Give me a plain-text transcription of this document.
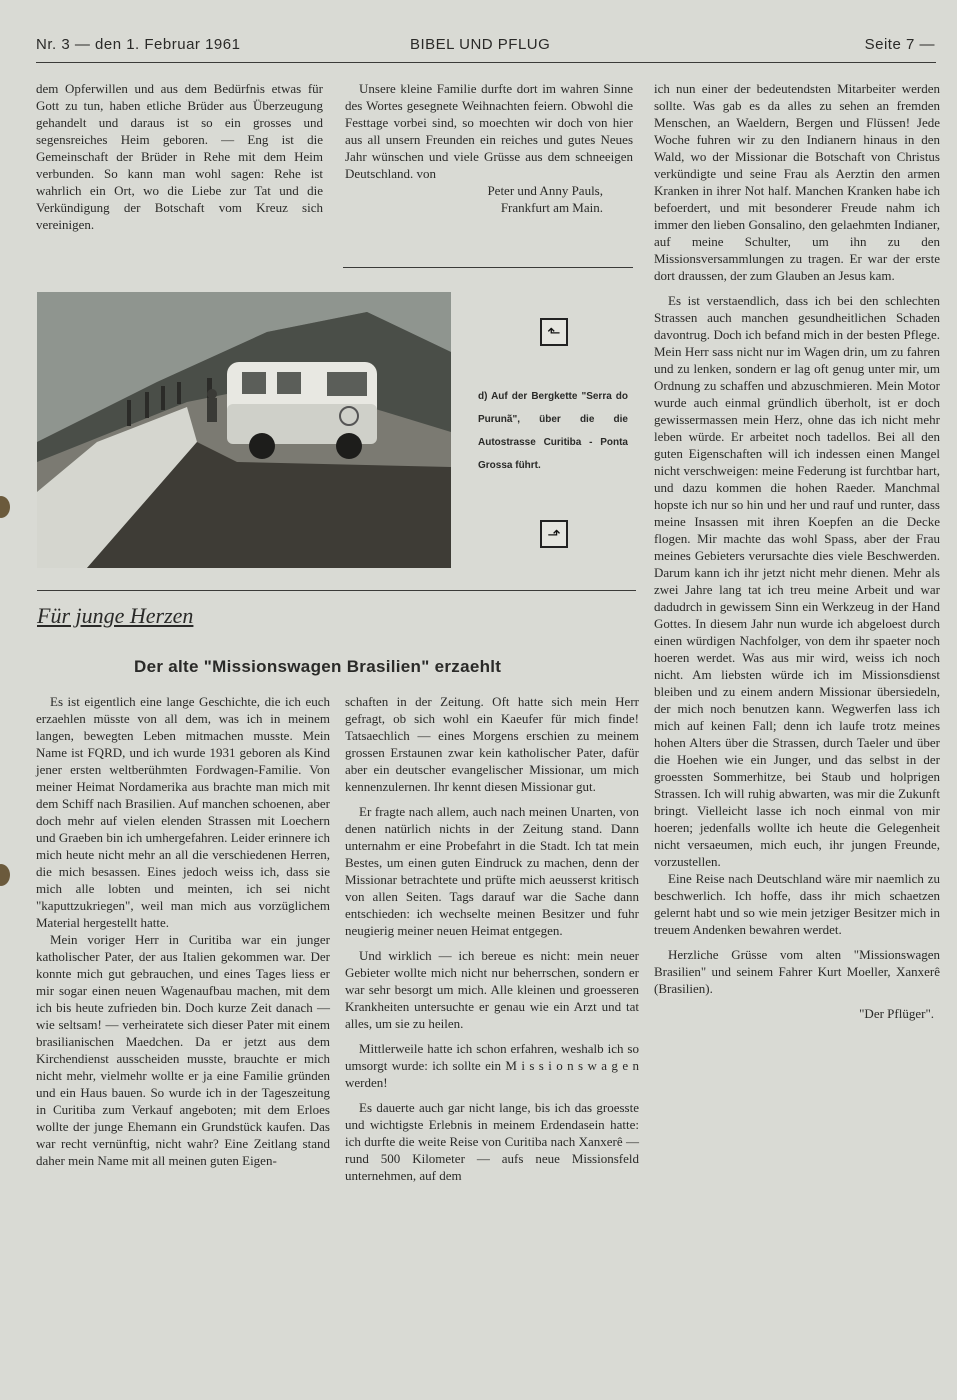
Nr. 3 — den 1. Februar 1961	BIBEL UND PFLUG	Seite 7 —

dem Opferwillen und aus dem Bedürfnis etwas für Gott zu tun, haben etliche Brüder aus Überzeugung gehandelt und daraus ist so ein grosses und segensreiches Heim geboren. — Eng ist die Gemeinschaft der Brüder in Rehe mit dem Heim verbunden. So kann man wohl sagen: Rehe ist wahrlich ein Ort, wo die Liebe zur Tat und die Verkündigung der Botschaft vom Kreuz sich vereinigen.

Unsere kleine Familie durfte dort im wahren Sinne des Wortes gesegnete Weihnachten feiern. Obwohl die Festtage vorbei sind, so moechten wir doch von hier aus all unsern Freunden ein reiches und gutes Neues Jahr wünschen und viele Grüsse aus dem schneeigen Deutschland. von

Peter und Anny Pauls,

Frankfurt am Main.

⬑
d) Auf der Bergkette "Serra do Purunã", über die die Autostrasse Curitiba - Ponta Grossa führt.
⬏
Für junge Herzen
Der alte "Missionswagen Brasilien" erzaehlt

Es ist eigentlich eine lange Geschichte, die ich euch erzaehlen müsste von all dem, was ich in meinem langen, bewegten Leben mitmachen musste. Mein Name ist FQRD, und ich wurde 1931 geboren als Kind jener ersten weltberühmten Fordwagen-Familie. Von meiner Heimat Nordamerika aus brachte man mich mit dem Schiff nach Brasilien. Auf manchen schoenen, aber doch mehr auf vielen elenden Strassen mit Loechern und Graeben bin ich umhergefahren. Leider erinnere ich mich heute nicht mehr an all die verschiedenen Herren, die mich besassen. Eines jedoch weiss ich, dass sie mich alle lobten und meinten, ich sei nicht "kaputtzukriegen", weil man mich aus vorzüglichem Material hergestellt hatte.

Mein voriger Herr in Curitiba war ein junger katholischer Pater, der aus Italien gekommen war. Der konnte mich gut gebrauchen, und eines Tages liess er mir sogar einen neuen Wagenaufbau machen, mit dem ich bis heute zufrieden bin. Doch kurze Zeit danach — wie seltsam! — verheiratete sich dieser Pater mit einem brasilianischen Maedchen. Da er jetzt aus dem Kirchendienst ausscheiden musste, brauchte er mich nicht mehr, vielmehr wollte er ja eine Familie gründen und ein Haus bauen. So wurde ich in der Tageszeitung in Curitiba zum Verkauf angeboten; mit dem Erloes wollte der junge Ehemann ein Grundstück kaufen. Das war recht vernünftig, nicht wahr? Eine Zeitlang stand daher mein Name mit all meinen guten Eigen-

schaften in der Zeitung. Oft hatte sich mein Herr gefragt, ob sich wohl ein Kaeufer für mich finde! Tatsaechlich — eines Morgens erschien zu meinem grossen Erstaunen zwar kein katholischer Pater, dafür aber ein deutscher evangelischer Missionar, um mich kennenzulernen. Ihr kennt diesen Missionar gut.

Er fragte nach allem, auch nach meinen Unarten, von denen natürlich nichts in der Zeitung stand. Dann unternahm er eine Probefahrt in die Stadt. Ich tat mein Bestes, um einen guten Eindruck zu machen, denn der Missionar betrachtete und prüfte mich aeusserst kritisch von allen Seiten. Tags darauf war die Sache dann entschieden: ich wechselte meinen Besitzer und fuhr neugierig meiner neuen Heimat entgegen.

Und wirklich — ich bereue es nicht: mein neuer Gebieter wollte mich nicht nur beherrschen, sondern er war sehr besorgt um mich. Alle kleinen und groesseren Krankheiten untersuchte er genau wie ein Arzt und tat alles, um sie zu heilen.

Mittlerweile hatte ich schon erfahren, weshalb ich so umsorgt wurde: ich sollte ein M i s s i o n s w a g e n werden!

Es dauerte auch gar nicht lange, bis ich das groesste und wichtigste Erlebnis in meinem Erdendasein hatte: ich durfte die weite Reise von Curitiba nach Xanxerê — rund 500 Kilometer — aufs neue Missionsfeld unternehmen, auf dem

ich nun einer der bedeutendsten Mitarbeiter werden sollte. Was gab es da alles zu sehen an fremden Menschen, an Waeldern, Bergen und Flüssen! Jede Woche fuhren wir zu den Indianern hinaus in den Wald, wo der Missionar die Botschaft von Christus verkündigte und seine Frau als Aerztin den armen Kranken in ihrer Not half. Manchen Kranken habe ich befoerdert, und mit besonderer Freude nahm ich immer den lieben Gonsalino, den gelaehmten Indianer, auf meine Schulter, um ihn zu den Missionsversammlungen zu tragen. Er war der erste dort draussen, der zum Glauben an Jesus kam.

Es ist verstaendlich, dass ich bei den schlechten Strassen auch manchen gesundheitlichen Schaden davontrug. Doch ich befand mich in der besten Pflege. Mein Herr sass nicht nur im Wagen drin, um zu fahren und zu lenken, sondern er lag oft genug unter mir, um Ordnung zu schaffen und abzuschmieren. Mein Motor wurde auch einmal gründlich überholt, ist er doch gewissermassen mein Herz, ohne das ich nicht mehr leben würde. Er arbeitet noch tadellos. Bei all den guten Eigenschaften will ich indessen einen Mangel nicht verschweigen: meine Federung ist furchtbar hart, und dazu kommen die hohen Raeder. Manchmal hopste ich nur so hin und her und rauf und runter, dass meine Insassen mit ihren Koepfen an die Decke flogen. Mir machte das wohl Spass, aber der Frau meines Gebieters verursachte dies viele Beschwerden. Darum kann ich ihr jetzt nicht mehr dienen. Mehr als zwei Jahre lang tat ich treu meine Arbeit und war dadudrch in gewissem Sinn ein Werkzeug in der Hand Gottes. In diesem Jahr nun wurde ich abgeloest durch einen würdigen Nachfolger, von dem ihr spaeter noch hoeren werdet. Was aus mir wird, weiss ich noch nicht. Am liebsten würde ich im Missionsdienst bleiben und zu einem andern Missionar übersiedeln, der mich noch benutzen kann. Wegwerfen lass ich mich auf keinen Fall; denn ich laufe trotz meines hohen Alters über die Strassen, durch Taeler und über die Hoehen wie ein Junger, und das selbst in der groessten Sommerhitze, bei Staub und holprigen Strassen. Ich will ruhig abwarten, was mir die Zukunft bringt. Vielleicht lasse ich noch einmal von mir hoeren; jedenfalls wollte ich heute die Gelegenheit nicht versaeumen, mich euch, ihr jungen Freunde, vorzustellen.

Eine Reise nach Deutschland wäre mir naemlich zu beschwerlich. Ich hoffe, dass ihr mich schaetzen gelernt habt und so wie mein jetziger Besitzer mich in treuem Andenken bewahren werdet.

Herzliche Grüsse vom alten "Missionswagen Brasilien" und seinem Fahrer Kurt Moeller, Xanxerê (Brasilien).

"Der Pflüger".
